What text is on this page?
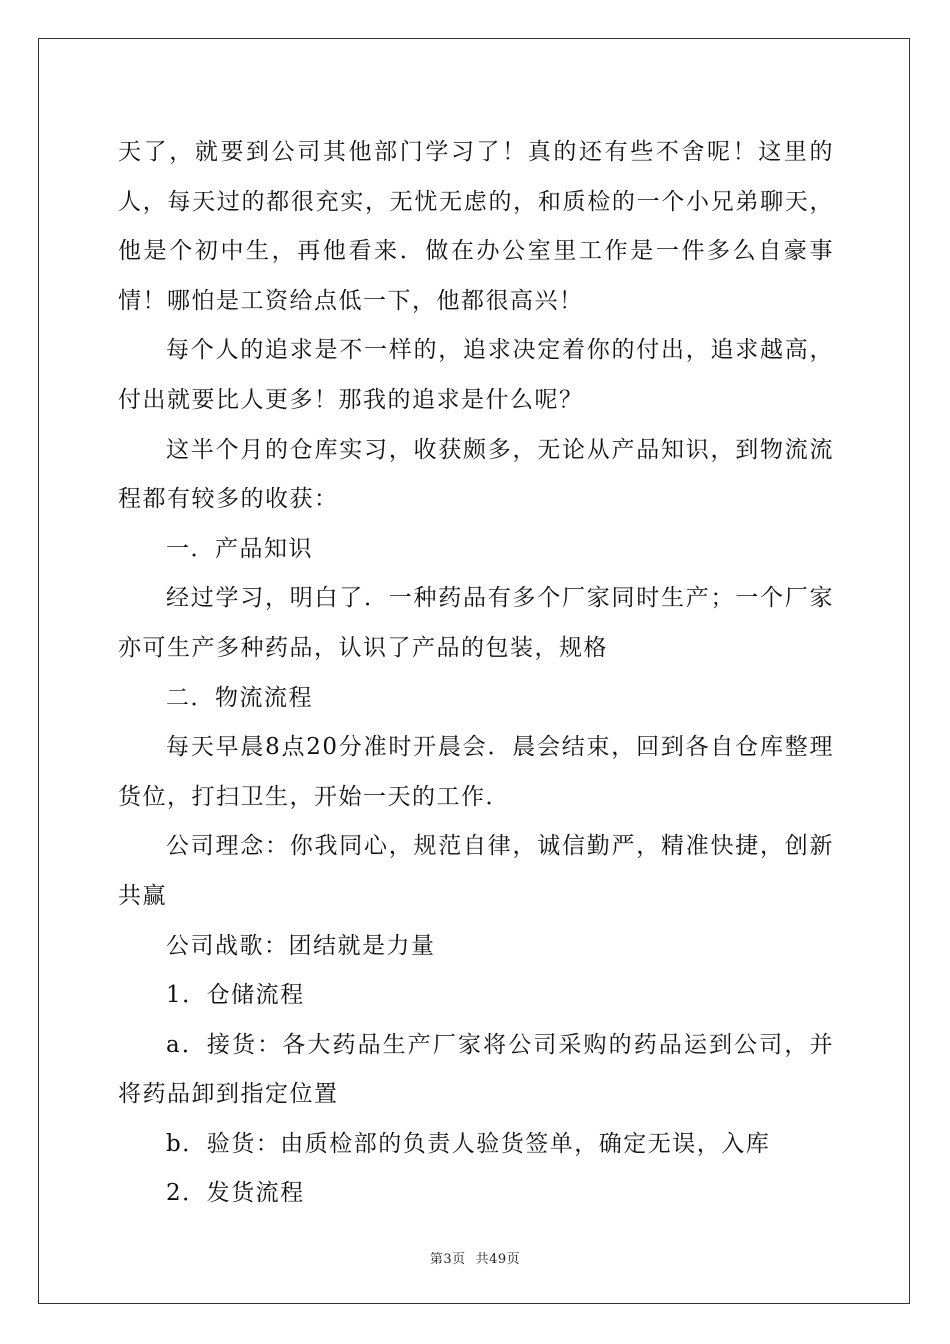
天了，就要到公司其他部门学习了！真的还有些不舍呢！这里的人，每天过的都很充实，无忧无虑的，和质检的一个小兄弟聊天，他是个初中生，再他看来．做在办公室里工作是一件多么自豪事情！哪怕是工资给点低一下，他都很高兴！

每个人的追求是不一样的，追求决定着你的付出，追求越高，付出就要比人更多！那我的追求是什么呢？

这半个月的仓库实习，收获颇多，无论从产品知识，到物流流程都有较多的收获：

一．产品知识

经过学习，明白了．一种药品有多个厂家同时生产；一个厂家亦可生产多种药品，认识了产品的包装，规格

二．物流流程

每天早晨8点20分准时开晨会．晨会结束，回到各自仓库整理货位，打扫卫生，开始一天的工作．

公司理念：你我同心，规范自律，诚信勤严，精准快捷，创新共赢

公司战歌：团结就是力量

1．仓储流程

a．接货：各大药品生产厂家将公司采购的药品运到公司，并将药品卸到指定位置

b．验货：由质检部的负责人验货签单，确定无误，入库

2．发货流程

第3页 共49页
